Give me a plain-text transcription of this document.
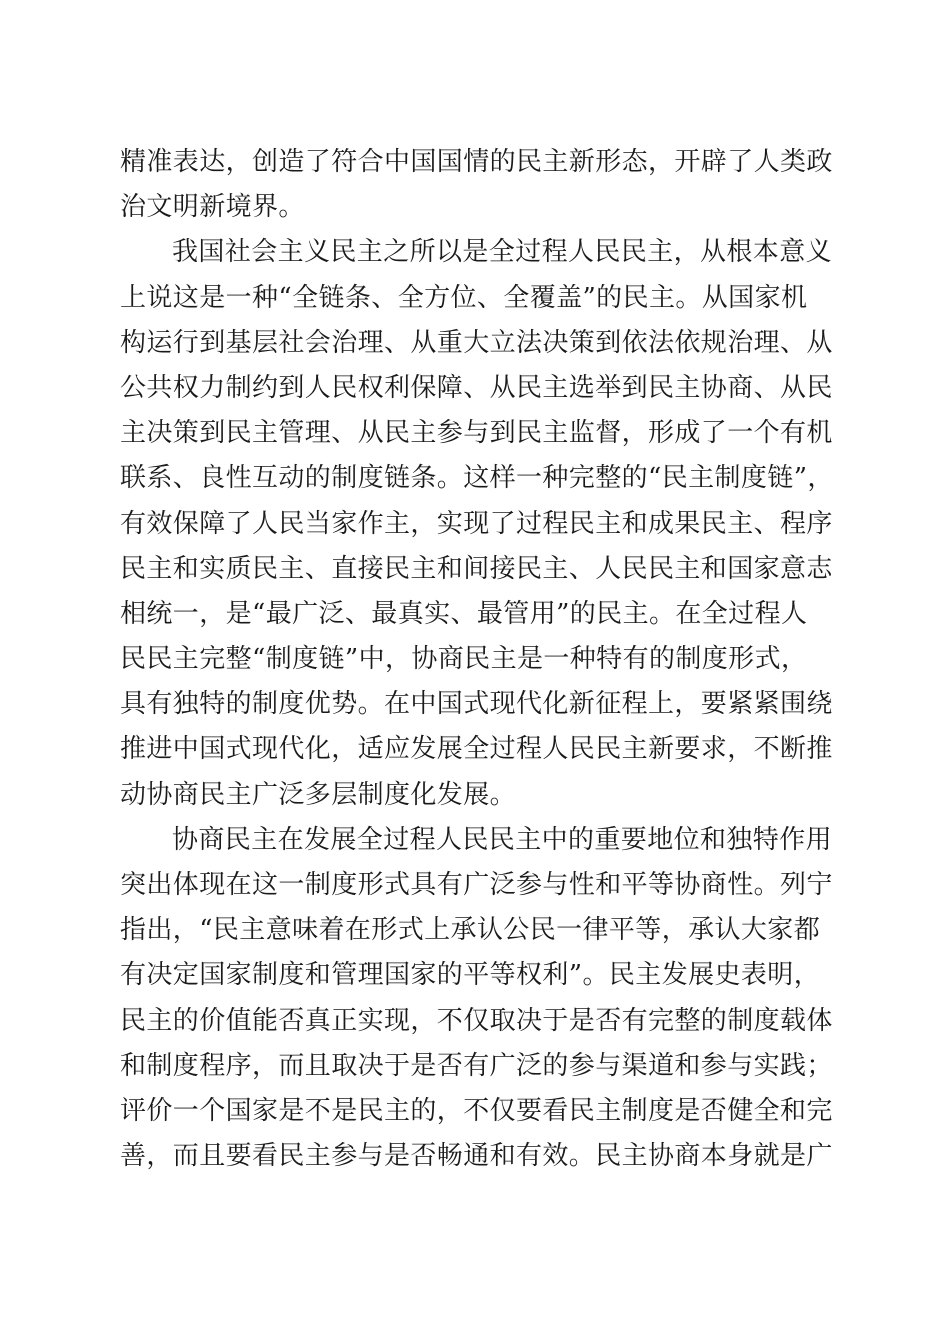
精准表达，创造了符合中国国情的民主新形态，开辟了人类政
治文明新境界。
我国社会主义民主之所以是全过程人民民主，从根本意义
上说这是一种“全链条、全方位、全覆盖”的民主。从国家机
构运行到基层社会治理、从重大立法决策到依法依规治理、从
公共权力制约到人民权利保障、从民主选举到民主协商、从民
主决策到民主管理、从民主参与到民主监督，形成了一个有机
联系、良性互动的制度链条。这样一种完整的“民主制度链”，
有效保障了人民当家作主，实现了过程民主和成果民主、程序
民主和实质民主、直接民主和间接民主、人民民主和国家意志
相统一，是“最广泛、最真实、最管用”的民主。在全过程人
民民主完整“制度链”中，协商民主是一种特有的制度形式，
具有独特的制度优势。在中国式现代化新征程上，要紧紧围绕
推进中国式现代化，适应发展全过程人民民主新要求，不断推
动协商民主广泛多层制度化发展。
协商民主在发展全过程人民民主中的重要地位和独特作用
突出体现在这一制度形式具有广泛参与性和平等协商性。列宁
指出，“民主意味着在形式上承认公民一律平等，承认大家都
有决定国家制度和管理国家的平等权利”。民主发展史表明，
民主的价值能否真正实现，不仅取决于是否有完整的制度载体
和制度程序，而且取决于是否有广泛的参与渠道和参与实践；
评价一个国家是不是民主的，不仅要看民主制度是否健全和完
善，而且要看民主参与是否畅通和有效。民主协商本身就是广
